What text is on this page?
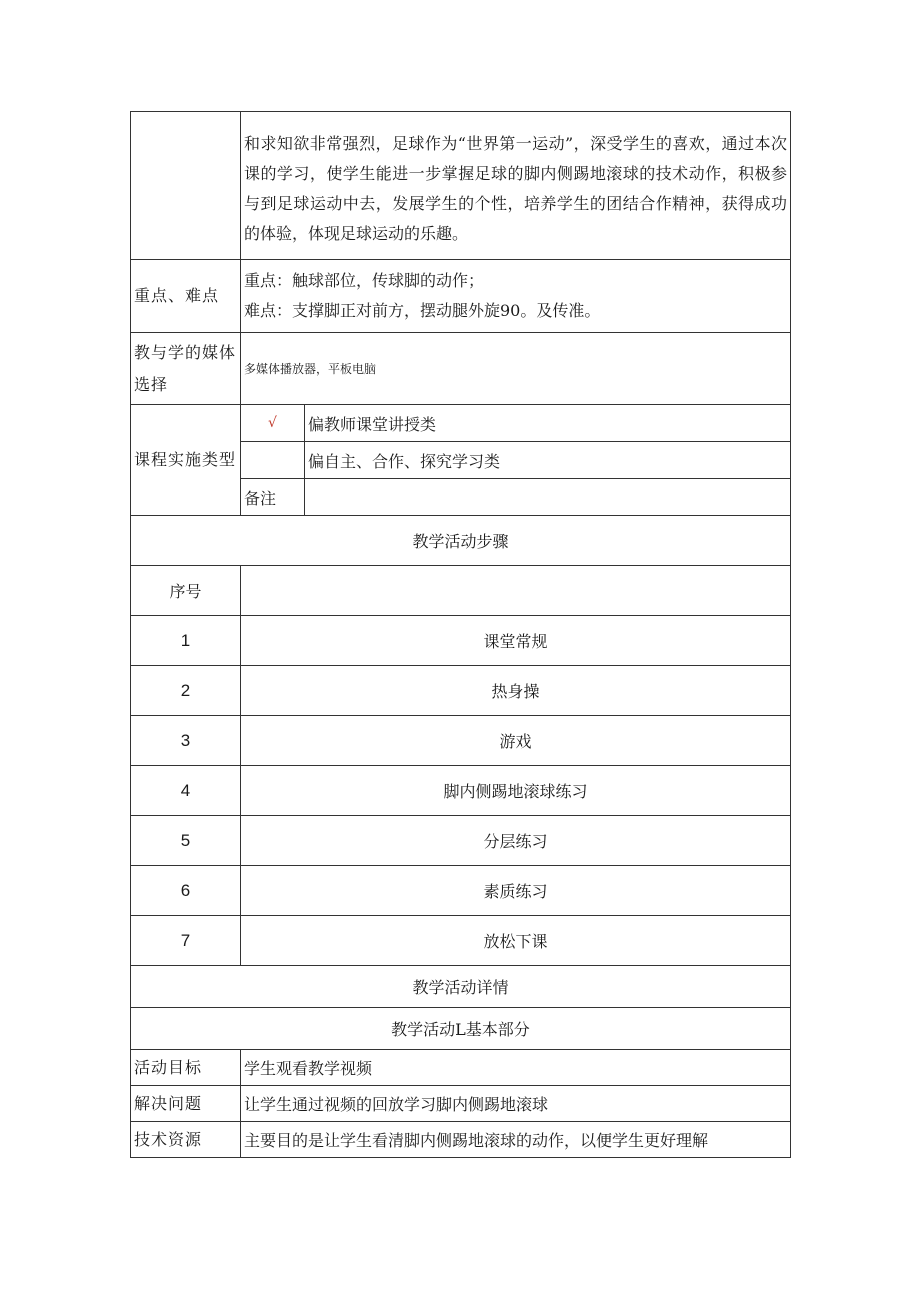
	和求知欲非常强烈，足球作为“世界第一运动”，深受学生的喜欢，通过本次课的学习，使学生能进一步掌握足球的脚内侧踢地滚球的技术动作，积极参与到足球运动中去，发展学生的个性，培养学生的团结合作精神，获得成功的体验，体现足球运动的乐趣。	
重点、难点	重点：触球部位，传球脚的动作；
难点：支撑脚正对前方，摆动腿外旋90。及传准。	

教与学的媒体选择	多媒体播放器，平板电脑	
课程实施类型	√	偏教师课堂讲授类
		偏自主、合作、探究学习类
	备注	
教学活动步骤		
序号		
1	课堂常规	
2	热身操	
3	游戏	
4	脚内侧踢地滚球练习	
5	分层练习	
6	素质练习	
7	放松下课	
教学活动详情		
教学活动L基本部分		
活动目标	学生观看教学视频	
解决问题	让学生通过视频的回放学习脚内侧踢地滚球	
技术资源	主要目的是让学生看清脚内侧踢地滚球的动作，以便学生更好理解	
